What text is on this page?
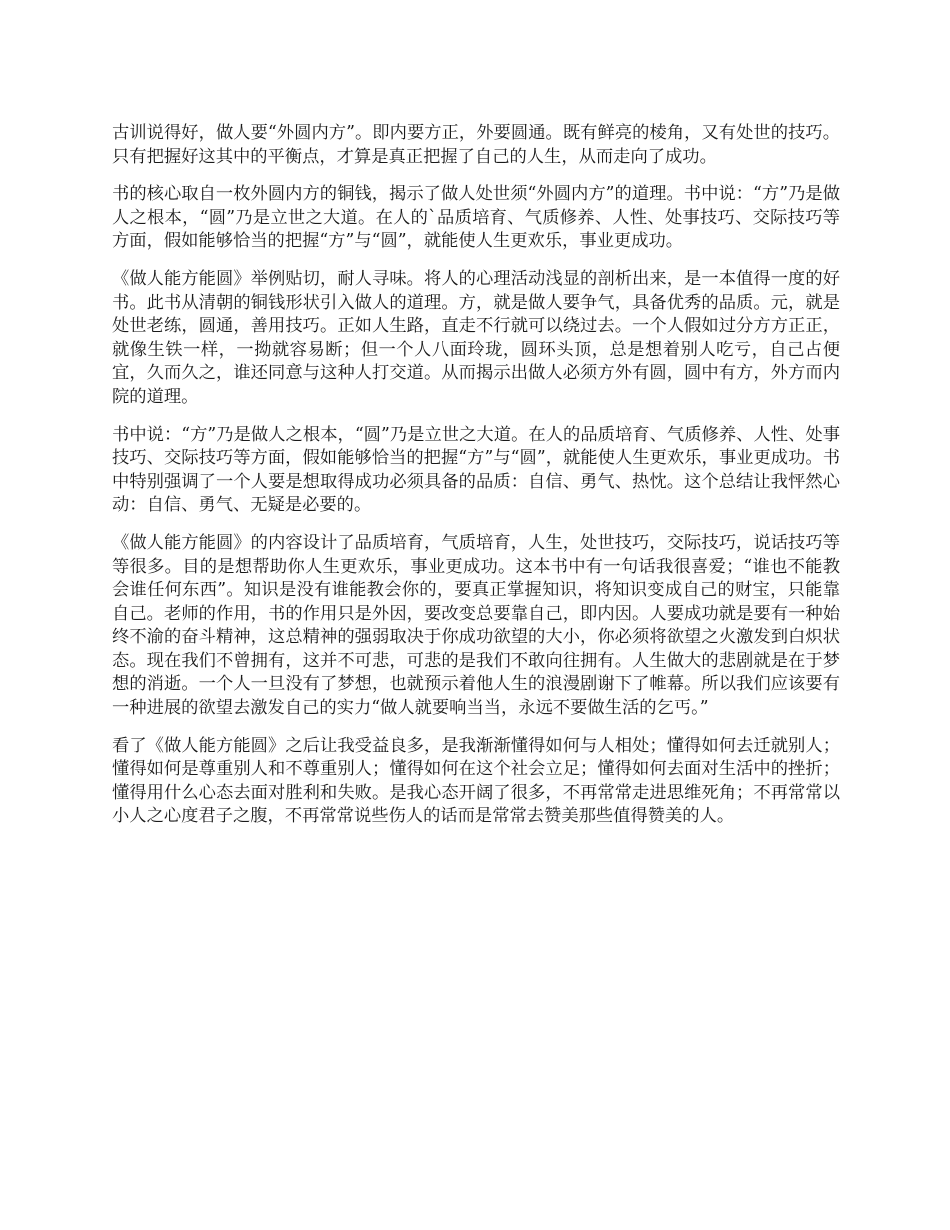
古训说得好，做人要“外圆内方”。即内要方正，外要圆通。既有鲜亮的棱角，又有处世的技巧。只有把握好这其中的平衡点，才算是真正把握了自己的人生，从而走向了成功。

书的核心取自一枚外圆内方的铜钱，揭示了做人处世须“外圆内方”的道理。书中说：“方”乃是做人之根本，“圆”乃是立世之大道。在人的`品质培育、气质修养、人性、处事技巧、交际技巧等方面，假如能够恰当的把握“方”与“圆”，就能使人生更欢乐，事业更成功。

《做人能方能圆》举例贴切，耐人寻味。将人的心理活动浅显的剖析出来，是一本值得一度的好书。此书从清朝的铜钱形状引入做人的道理。方，就是做人要争气，具备优秀的品质。元，就是处世老练，圆通，善用技巧。正如人生路，直走不行就可以绕过去。一个人假如过分方方正正，就像生铁一样，一拗就容易断；但一个人八面玲珑，圆环头顶，总是想着别人吃亏，自己占便宜，久而久之，谁还同意与这种人打交道。从而揭示出做人必须方外有圆，圆中有方，外方而内院的道理。

书中说：“方”乃是做人之根本，“圆”乃是立世之大道。在人的品质培育、气质修养、人性、处事技巧、交际技巧等方面，假如能够恰当的把握“方”与“圆”，就能使人生更欢乐，事业更成功。书中特别强调了一个人要是想取得成功必须具备的品质：自信、勇气、热忱。这个总结让我怦然心动：自信、勇气、无疑是必要的。

《做人能方能圆》的内容设计了品质培育，气质培育，人生，处世技巧，交际技巧，说话技巧等等很多。目的是想帮助你人生更欢乐，事业更成功。这本书中有一句话我很喜爱；“谁也不能教会谁任何东西”。知识是没有谁能教会你的，要真正掌握知识，将知识变成自己的财宝，只能靠自己。老师的作用，书的作用只是外因，要改变总要靠自己，即内因。人要成功就是要有一种始终不渝的奋斗精神，这总精神的强弱取决于你成功欲望的大小，你必须将欲望之火激发到白炽状态。现在我们不曾拥有，这并不可悲，可悲的是我们不敢向往拥有。人生做大的悲剧就是在于梦想的消逝。一个人一旦没有了梦想，也就预示着他人生的浪漫剧谢下了帷幕。所以我们应该要有一种进展的欲望去激发自己的实力“做人就要响当当，永远不要做生活的乞丐。”

看了《做人能方能圆》之后让我受益良多，是我渐渐懂得如何与人相处；懂得如何去迁就别人；懂得如何是尊重别人和不尊重别人；懂得如何在这个社会立足；懂得如何去面对生活中的挫折；懂得用什么心态去面对胜利和失败。是我心态开阔了很多，不再常常走进思维死角；不再常常以小人之心度君子之腹，不再常常说些伤人的话而是常常去赞美那些值得赞美的人。
